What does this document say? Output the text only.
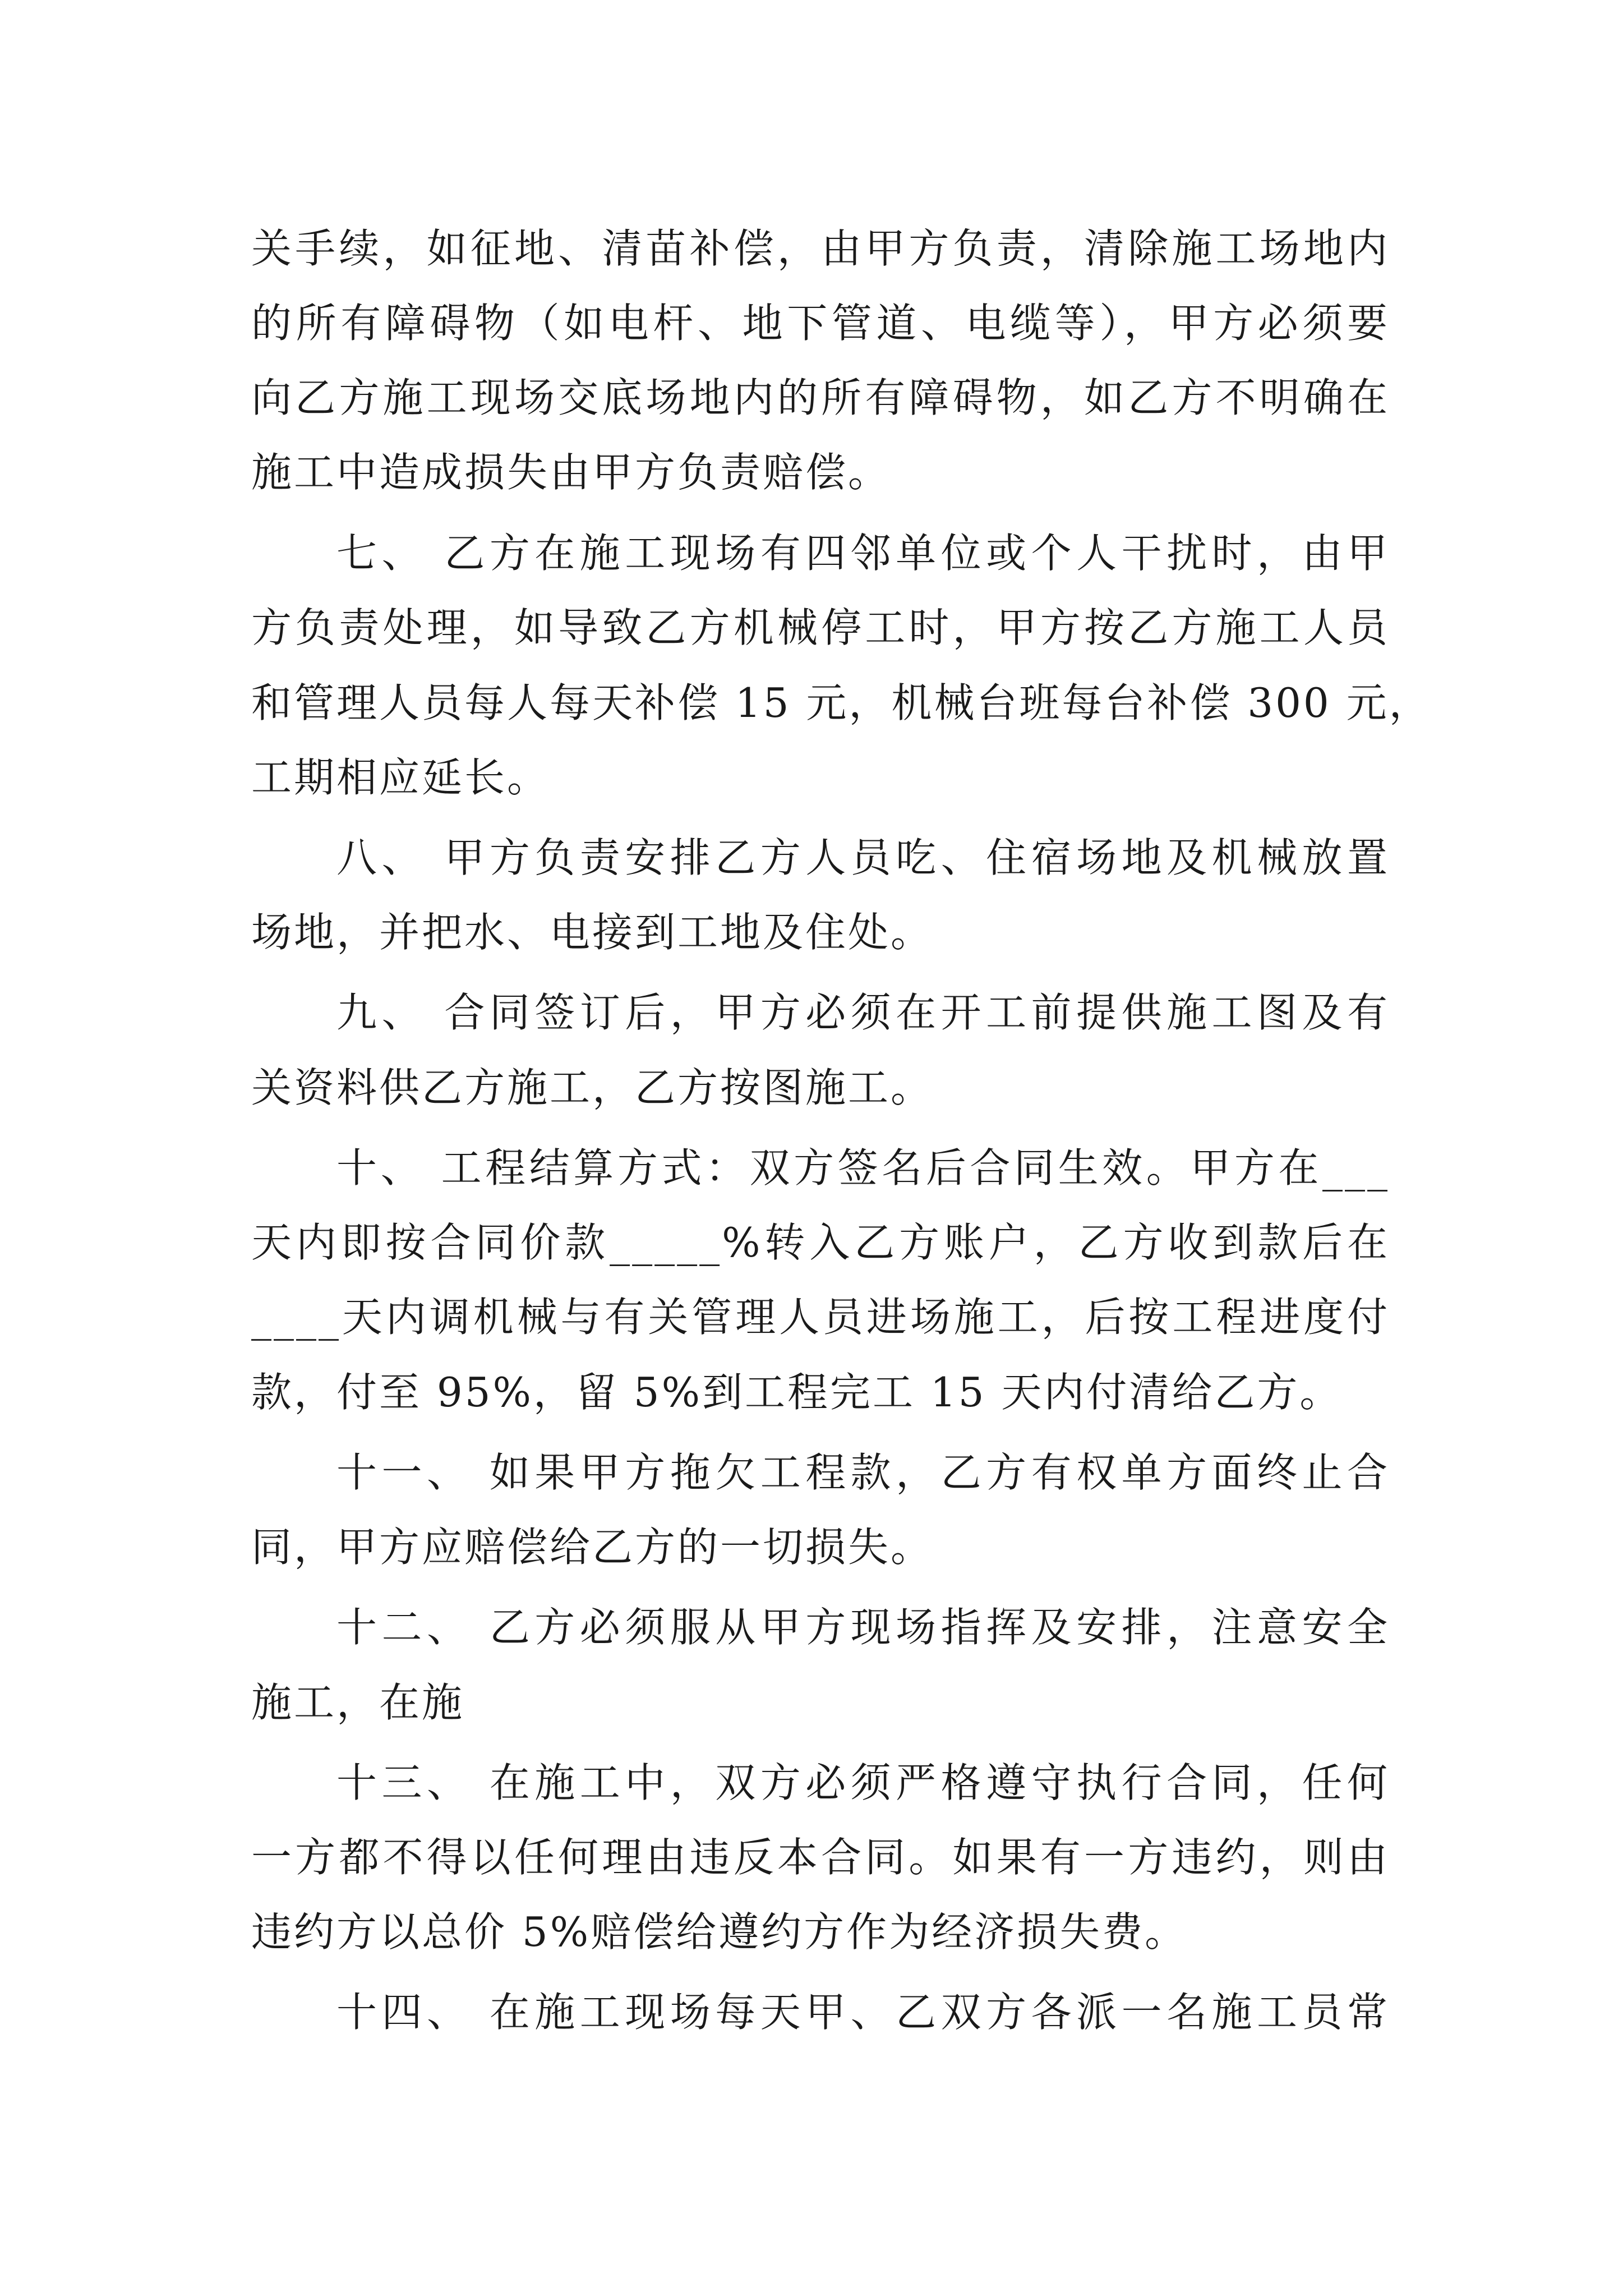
关手续，如征地、清苗补偿，由甲方负责，清除施工场地内
的所有障碍物（如电杆、地下管道、电缆等），甲方必须要
向乙方施工现场交底场地内的所有障碍物，如乙方不明确在
施工中造成损失由甲方负责赔偿。
七、 乙方在施工现场有四邻单位或个人干扰时，由甲
方负责处理，如导致乙方机械停工时，甲方按乙方施工人员
和管理人员每人每天补偿 15 元，机械台班每台补偿 300 元，
工期相应延长。
八、 甲方负责安排乙方人员吃、住宿场地及机械放置
场地，并把水、电接到工地及住处。
九、 合同签订后，甲方必须在开工前提供施工图及有
关资料供乙方施工，乙方按图施工。
十、 工程结算方式：双方签名后合同生效。甲方在___
天内即按合同价款_____%转入乙方账户，乙方收到款后在
____天内调机械与有关管理人员进场施工，后按工程进度付
款，付至 95%，留 5%到工程完工 15 天内付清给乙方。
十一、 如果甲方拖欠工程款，乙方有权单方面终止合
同，甲方应赔偿给乙方的一切损失。
十二、 乙方必须服从甲方现场指挥及安排，注意安全
施工，在施
十三、 在施工中，双方必须严格遵守执行合同，任何
一方都不得以任何理由违反本合同。如果有一方违约，则由
违约方以总价 5%赔偿给遵约方作为经济损失费。
十四、 在施工现场每天甲、乙双方各派一名施工员常
